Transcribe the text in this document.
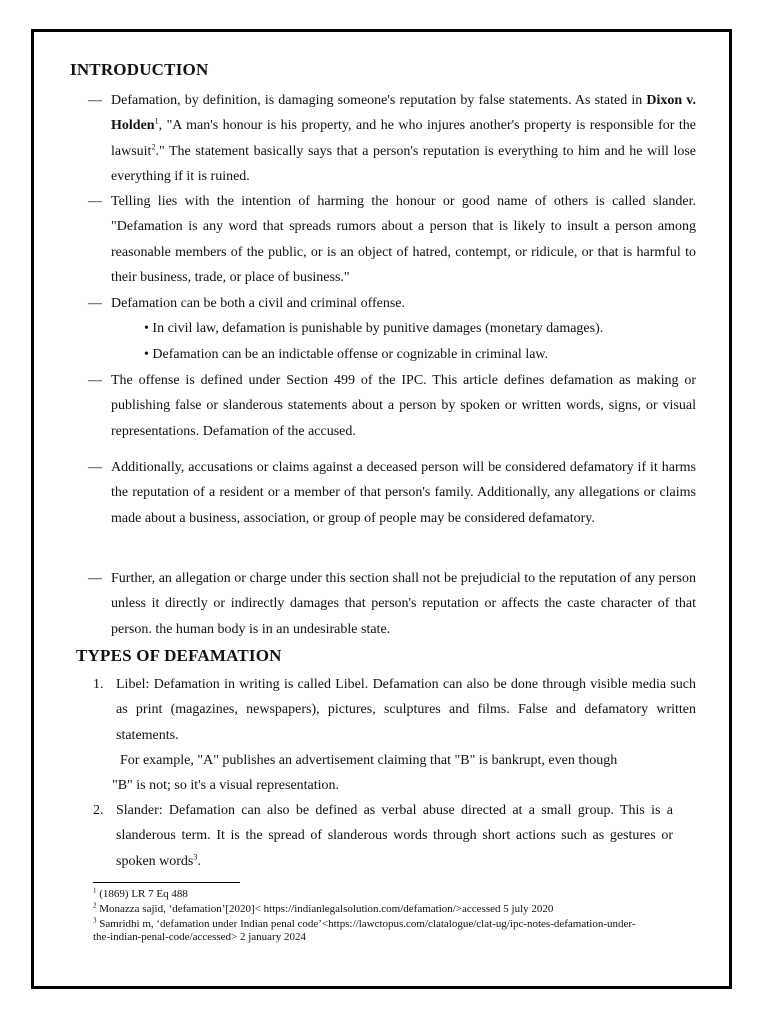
INTRODUCTION
— Defamation, by definition, is damaging someone's reputation by false statements. As stated in Dixon v. Holden$^1$, "A man's honour is his property, and he who injures another's property is responsible for the lawsuit$^2$." The statement basically says that a person's reputation is everything to him and he will lose everything if it is ruined.

— Telling lies with the intention of harming the honour or good name of others is called slander. "Defamation is any word that spreads rumors about a person that is likely to insult a person among reasonable members of the public, or is an object of hatred, contempt, or ridicule, or that is harmful to their business, trade, or place of business."

— Defamation can be both a civil and criminal offense.

• In civil law, defamation is punishable by punitive damages (monetary damages).
• Defamation can be an indictable offense or cognizable in criminal law.
— The offense is defined under Section 499 of the IPC. This article defines defamation as making or publishing false or slanderous statements about a person by spoken or written words, signs, or visual representations. Defamation of the accused.

— Additionally, accusations or claims against a deceased person will be considered defamatory if it harms the reputation of a resident or a member of that person's family. Additionally, any allegations or claims made about a business, association, or group of people may be considered defamatory.

— Further, an allegation or charge under this section shall not be prejudicial to the reputation of any person unless it directly or indirectly damages that person's reputation or affects the caste character of that person. the human body is in an undesirable state.

TYPES OF DEFAMATION
1. Libel: Defamation in writing is called Libel. Defamation can also be done through visible media such as print (magazines, newspapers), pictures, sculptures and films. False and defamatory written statements.

For example, "A" publishes an advertisement claiming that "B" is bankrupt, even though
"B" is not; so it's a visual representation.
2. Slander: Defamation can also be defined as verbal abuse directed at a small group. This is a slanderous term. It is the spread of slanderous words through short actions such as gestures or spoken words$^3$.

$^1$ (1869) LR 7 Eq 488
$^2$ Monazza sajid, ‘defamation’[2020]< https://indianlegalsolution.com/defamation/>accessed 5 july 2020
$^3$ Samridhi m, ‘defamation under Indian penal code’<https://lawctopus.com/clatalogue/clat-ug/ipc-notes-defamation-under-the-indian-penal-code/accessed> 2 january 2024
